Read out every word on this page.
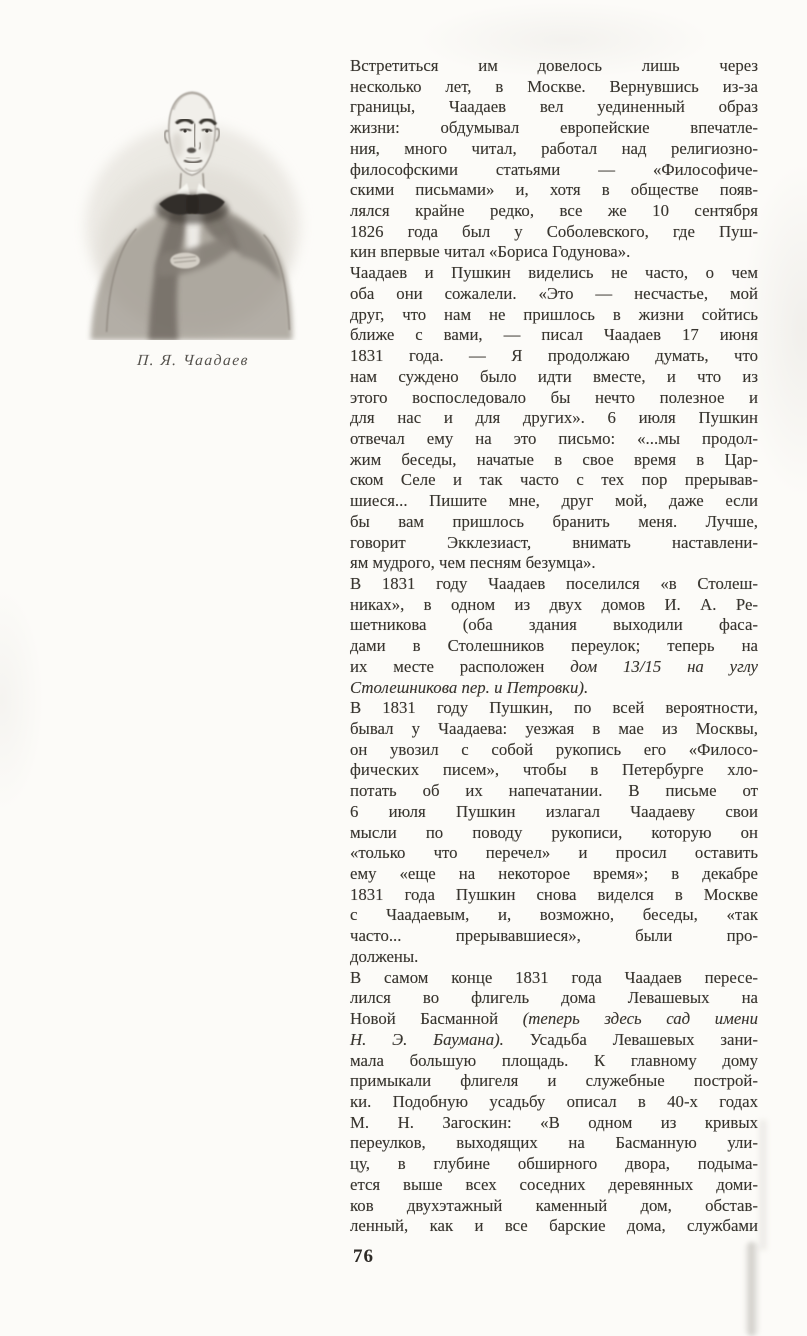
П. Я. Чаадаев
Встретиться им довелось лишь через
несколько лет, в Москве. Вернувшись из-за
границы, Чаадаев вел уединенный образ
жизни: обдумывал европейские впечатле-
ния, много читал, работал над религиозно-
философскими статьями — «Философиче-
скими письмами» и, хотя в обществе появ-
лялся крайне редко, все же 10 сентября
1826 года был у Соболевского, где Пуш-
кин впервые читал «Бориса Годунова».
Чаадаев и Пушкин виделись не часто, о чем
оба они сожалели. «Это — несчастье, мой
друг, что нам не пришлось в жизни сойтись
ближе с вами, — писал Чаадаев 17 июня
1831 года. — Я продолжаю думать, что
нам суждено было идти вместе, и что из
этого воспоследовало бы нечто полезное и
для нас и для других». 6 июля Пушкин
отвечал ему на это письмо: «...мы продол-
жим беседы, начатые в свое время в Цар-
ском Селе и так часто с тех пор прерывав-
шиеся... Пишите мне, друг мой, даже если
бы вам пришлось бранить меня. Лучше,
говорит Экклезиаст, внимать наставлени-
ям мудрого, чем песням безумца».
В 1831 году Чаадаев поселился «в Столеш-
никах», в одном из двух домов И. А. Ре-
шетникова (оба здания выходили фаса-
дами в Столешников переулок; теперь на
их месте расположен дом 13/15 на углу
Столешникова пер. и Петровки).
В 1831 году Пушкин, по всей вероятности,
бывал у Чаадаева: уезжая в мае из Москвы,
он увозил с собой рукопись его «Филосо-
фических писем», чтобы в Петербурге хло-
потать об их напечатании. В письме от
6 июля Пушкин излагал Чаадаеву свои
мысли по поводу рукописи, которую он
«только что перечел» и просил оставить
ему «еще на некоторое время»; в декабре
1831 года Пушкин снова виделся в Москве
с Чаадаевым, и, возможно, беседы, «так
часто... прерывавшиеся», были про-
должены.
В самом конце 1831 года Чаадаев пересе-
лился во флигель дома Левашевых на
Новой Басманной (теперь здесь сад имени
Н. Э. Баумана). Усадьба Левашевых зани-
мала большую площадь. К главному дому
примыкали флигеля и служебные построй-
ки. Подобную усадьбу описал в 40-х годах
М. Н. Загоскин: «В одном из кривых
переулков, выходящих на Басманную ули-
цу, в глубине обширного двора, подыма-
ется выше всех соседних деревянных доми-
ков двухэтажный каменный дом, обстав-
ленный, как и все барские дома, службами
76
